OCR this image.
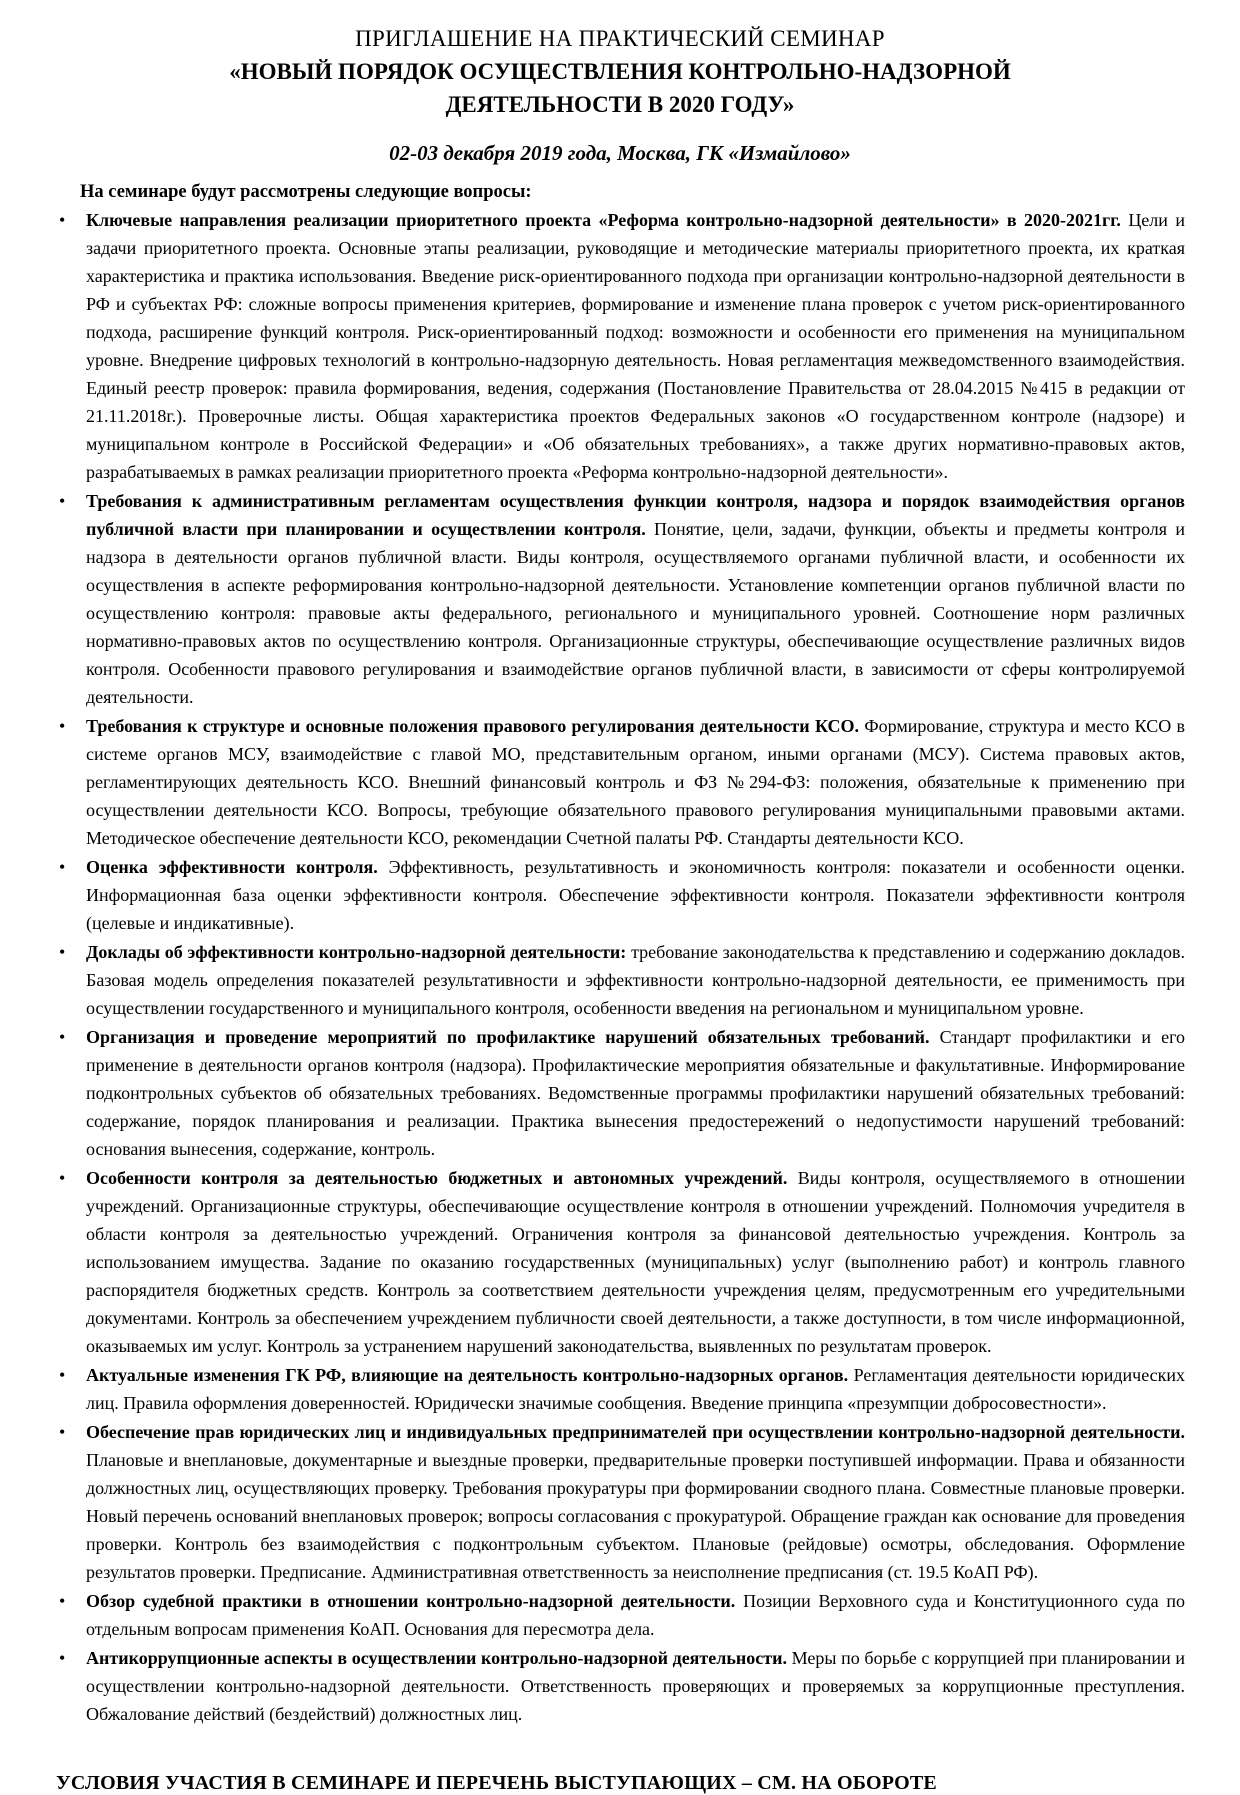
ПРИГЛАШЕНИЕ НА ПРАКТИЧЕСКИЙ СЕМИНАР
«НОВЫЙ ПОРЯДОК ОСУЩЕСТВЛЕНИЯ КОНТРОЛЬНО-НАДЗОРНОЙ ДЕЯТЕЛЬНОСТИ В 2020 ГОДУ»
02-03 декабря 2019 года, Москва, ГК «Измайлово»

На семинаре будут рассмотрены следующие вопросы:

• Ключевые направления реализации приоритетного проекта «Реформа контрольно-надзорной деятельности» в 2020-2021гг. Цели и задачи приоритетного проекта. Основные этапы реализации, руководящие и методические материалы приоритетного проекта, их краткая характеристика и практика использования. Введение риск-ориентированного подхода при организации контрольно-надзорной деятельности в РФ и субъектах РФ: сложные вопросы применения критериев, формирование и изменение плана проверок с учетом риск-ориентированного подхода, расширение функций контроля. Риск-ориентированный подход: возможности и особенности его применения на муниципальном уровне. Внедрение цифровых технологий в контрольно-надзорную деятельность. Новая регламентация межведомственного взаимодействия. Единый реестр проверок: правила формирования, ведения, содержания (Постановление Правительства от 28.04.2015 №415 в редакции от 21.11.2018г.). Проверочные листы. Общая характеристика проектов Федеральных законов «О государственном контроле (надзоре) и муниципальном контроле в Российской Федерации» и «Об обязательных требованиях», а также других нормативно-правовых актов, разрабатываемых в рамках реализации приоритетного проекта «Реформа контрольно-надзорной деятельности».
• Требования к административным регламентам осуществления функции контроля, надзора и порядок взаимодействия органов публичной власти при планировании и осуществлении контроля. Понятие, цели, задачи, функции, объекты и предметы контроля и надзора в деятельности органов публичной власти. Виды контроля, осуществляемого органами публичной власти, и особенности их осуществления в аспекте реформирования контрольно-надзорной деятельности. Установление компетенции органов публичной власти по осуществлению контроля: правовые акты федерального, регионального и муниципального уровней. Соотношение норм различных нормативно-правовых актов по осуществлению контроля. Организационные структуры, обеспечивающие осуществление различных видов контроля. Особенности правового регулирования и взаимодействие органов публичной власти, в зависимости от сферы контролируемой деятельности.
• Требования к структуре и основные положения правового регулирования деятельности КСО. Формирование, структура и место КСО в системе органов МСУ, взаимодействие с главой МО, представительным органом, иными органами (МСУ). Система правовых актов, регламентирующих деятельность КСО. Внешний финансовый контроль и ФЗ №294-ФЗ: положения, обязательные к применению при осуществлении деятельности КСО. Вопросы, требующие обязательного правового регулирования муниципальными правовыми актами. Методическое обеспечение деятельности КСО, рекомендации Счетной палаты РФ. Стандарты деятельности КСО.
• Оценка эффективности контроля. Эффективность, результативность и экономичность контроля: показатели и особенности оценки. Информационная база оценки эффективности контроля. Обеспечение эффективности контроля. Показатели эффективности контроля (целевые и индикативные).
• Доклады об эффективности контрольно-надзорной деятельности: требование законодательства к представлению и содержанию докладов. Базовая модель определения показателей результативности и эффективности контрольно-надзорной деятельности, ее применимость при осуществлении государственного и муниципального контроля, особенности введения на региональном и муниципальном уровне.
• Организация и проведение мероприятий по профилактике нарушений обязательных требований. Стандарт профилактики и его применение в деятельности органов контроля (надзора). Профилактические мероприятия обязательные и факультативные. Информирование подконтрольных субъектов об обязательных требованиях. Ведомственные программы профилактики нарушений обязательных требований: содержание, порядок планирования и реализации. Практика вынесения предостережений о недопустимости нарушений требований: основания вынесения, содержание, контроль.
• Особенности контроля за деятельностью бюджетных и автономных учреждений. Виды контроля, осуществляемого в отношении учреждений. Организационные структуры, обеспечивающие осуществление контроля в отношении учреждений. Полномочия учредителя в области контроля за деятельностью учреждений. Ограничения контроля за финансовой деятельностью учреждения. Контроль за использованием имущества. Задание по оказанию государственных (муниципальных) услуг (выполнению работ) и контроль главного распорядителя бюджетных средств. Контроль за соответствием деятельности учреждения целям, предусмотренным его учредительными документами. Контроль за обеспечением учреждением публичности своей деятельности, а также доступности, в том числе информационной, оказываемых им услуг. Контроль за устранением нарушений законодательства, выявленных по результатам проверок.
• Актуальные изменения ГК РФ, влияющие на деятельность контрольно-надзорных органов. Регламентация деятельности юридических лиц. Правила оформления доверенностей. Юридически значимые сообщения. Введение принципа «презумпции добросовестности».
• Обеспечение прав юридических лиц и индивидуальных предпринимателей при осуществлении контрольно-надзорной деятельности. Плановые и внеплановые, документарные и выездные проверки, предварительные проверки поступившей информации. Права и обязанности должностных лиц, осуществляющих проверку. Требования прокуратуры при формировании сводного плана. Совместные плановые проверки. Новый перечень оснований внеплановых проверок; вопросы согласования с прокуратурой. Обращение граждан как основание для проведения проверки. Контроль без взаимодействия с подконтрольным субъектом. Плановые (рейдовые) осмотры, обследования. Оформление результатов проверки. Предписание. Административная ответственность за неисполнение предписания (ст. 19.5 КоАП РФ).
• Обзор судебной практики в отношении контрольно-надзорной деятельности. Позиции Верховного суда и Конституционного суда по отдельным вопросам применения КоАП. Основания для пересмотра дела.
• Антикоррупционные аспекты в осуществлении контрольно-надзорной деятельности. Меры по борьбе с коррупцией при планировании и осуществлении контрольно-надзорной деятельности. Ответственность проверяющих и проверяемых за коррупционные преступления. Обжалование действий (бездействий) должностных лиц.

УСЛОВИЯ УЧАСТИЯ В СЕМИНАРЕ И ПЕРЕЧЕНЬ ВЫСТУПАЮЩИХ – СМ. НА ОБОРОТЕ
